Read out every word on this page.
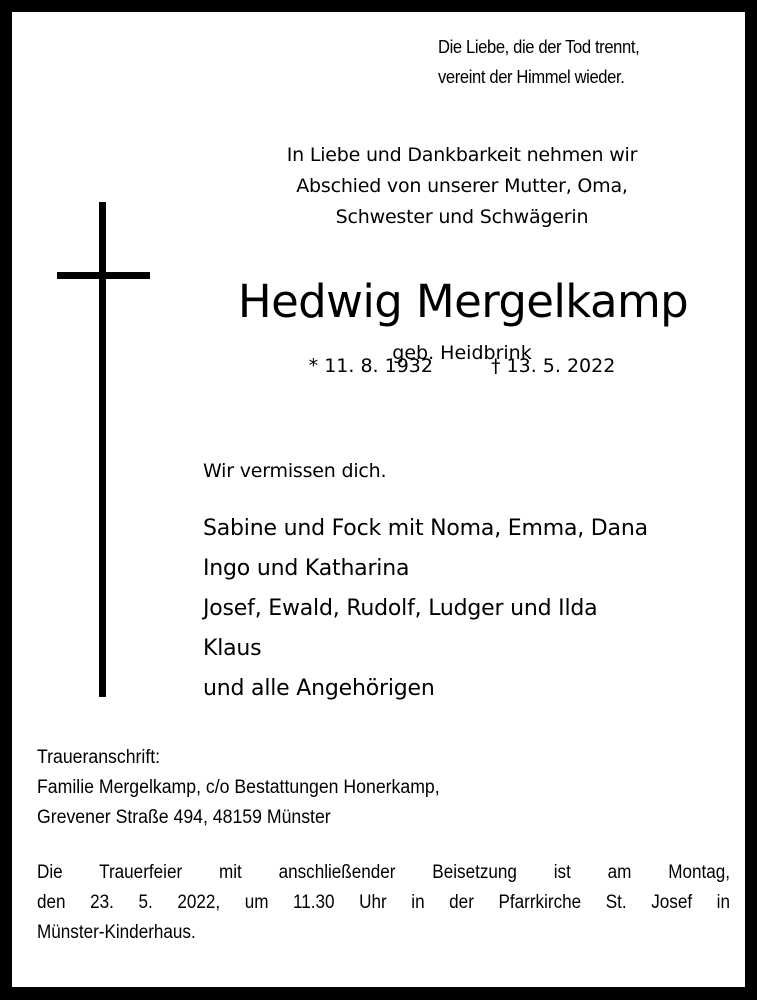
Die Liebe, die der Tod trennt,
vereint der Himmel wieder.
In Liebe und Dankbarkeit nehmen wir
Abschied von unserer Mutter, Oma,
Schwester und Schwägerin
Hedwig Mergelkamp
geb. Heidbrink
* 11. 8. 1932	† 13. 5. 2022
Wir vermissen dich.
Sabine und Fock mit Noma, Emma, Dana
Ingo und Katharina
Josef, Ewald, Rudolf, Ludger und Ilda
Klaus
und alle Angehörigen
Traueranschrift:
Familie Mergelkamp, c/o Bestattungen Honerkamp,
Grevener Straße 494, 48159 Münster
Die Trauerfeier mit anschließender Beisetzung ist am Montag,
den 23. 5. 2022, um 11.30 Uhr in der Pfarrkirche St. Josef in
Münster-Kinderhaus.
